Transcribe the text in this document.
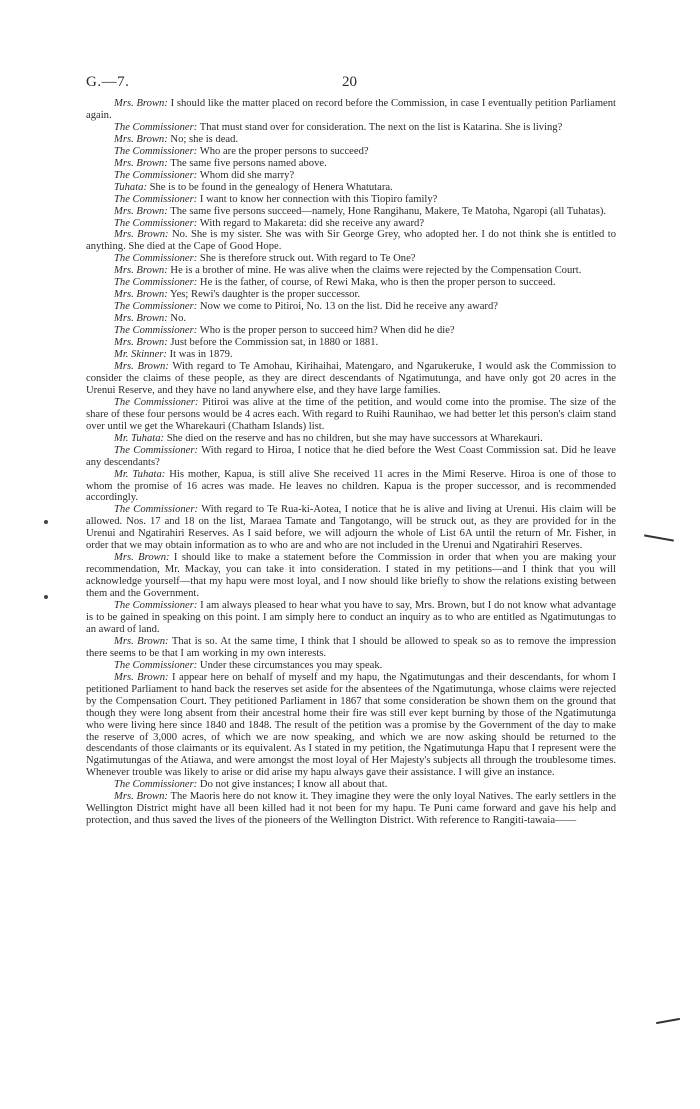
G.—7.	20

Mrs. Brown: I should like the matter placed on record before the Commission, in case I eventually petition Parliament again.

The Commissioner: That must stand over for consideration. The next on the list is Katarina. She is living?

Mrs. Brown: No; she is dead.

The Commissioner: Who are the proper persons to succeed?

Mrs. Brown: The same five persons named above.

The Commissioner: Whom did she marry?

Tuhata: She is to be found in the genealogy of Henera Whatutara.

The Commissioner: I want to know her connection with this Tiopiro family?

Mrs. Brown: The same five persons succeed—namely, Hone Rangihanu, Makere, Te Matoha, Ngaropi (all Tuhatas).

The Commissioner: With regard to Makareta: did she receive any award?

Mrs. Brown: No. She is my sister. She was with Sir George Grey, who adopted her. I do not think she is entitled to anything. She died at the Cape of Good Hope.

The Commissioner: She is therefore struck out. With regard to Te One?

Mrs. Brown: He is a brother of mine. He was alive when the claims were rejected by the Compensation Court.

The Commissioner: He is the father, of course, of Rewi Maka, who is then the proper person to succeed.

Mrs. Brown: Yes; Rewi's daughter is the proper successor.

The Commissioner: Now we come to Pitiroi, No. 13 on the list. Did he receive any award?

Mrs. Brown: No.

The Commissioner: Who is the proper person to succeed him? When did he die?

Mrs. Brown: Just before the Commission sat, in 1880 or 1881.

Mr. Skinner: It was in 1879.

Mrs. Brown: With regard to Te Amohau, Kirihaihai, Matengaro, and Ngarukeruke, I would ask the Commission to consider the claims of these people, as they are direct descendants of Ngatimutunga, and have only got 20 acres in the Urenui Reserve, and they have no land anywhere else, and they have large families.

The Commissioner: Pitiroi was alive at the time of the petition, and would come into the promise. The size of the share of these four persons would be 4 acres each. With regard to Ruihi Raunihao, we had better let this person's claim stand over until we get the Wharekauri (Chatham Islands) list.

Mr. Tuhata: She died on the reserve and has no children, but she may have successors at Wharekauri.

The Commissioner: With regard to Hiroa, I notice that he died before the West Coast Commission sat. Did he leave any descendants?

Mr. Tuhata: His mother, Kapua, is still alive She received 11 acres in the Mimi Reserve. Hiroa is one of those to whom the promise of 16 acres was made. He leaves no children. Kapua is the proper successor, and is recommended accordingly.

The Commissioner: With regard to Te Rua-ki-Aotea, I notice that he is alive and living at Urenui. His claim will be allowed. Nos. 17 and 18 on the list, Maraea Tamate and Tangotango, will be struck out, as they are provided for in the Urenui and Ngatirahiri Reserves. As I said before, we will adjourn the whole of List 6A until the return of Mr. Fisher, in order that we may obtain information as to who are and who are not included in the Urenui and Ngatirahiri Reserves.

Mrs. Brown: I should like to make a statement before the Commission in order that when you are making your recommendation, Mr. Mackay, you can take it into consideration. I stated in my petitions—and I think that you will acknowledge yourself—that my hapu were most loyal, and I now should like briefly to show the relations existing between them and the Government.

The Commissioner: I am always pleased to hear what you have to say, Mrs. Brown, but I do not know what advantage is to be gained in speaking on this point. I am simply here to conduct an inquiry as to who are entitled as Ngatimutungas to an award of land.

Mrs. Brown: That is so. At the same time, I think that I should be allowed to speak so as to remove the impression there seems to be that I am working in my own interests.

The Commissioner: Under these circumstances you may speak.

Mrs. Brown: I appear here on behalf of myself and my hapu, the Ngatimutungas and their descendants, for whom I petitioned Parliament to hand back the reserves set aside for the absentees of the Ngatimutunga, whose claims were rejected by the Compensation Court. They petitioned Parliament in 1867 that some consideration be shown them on the ground that though they were long absent from their ancestral home their fire was still ever kept burning by those of the Ngatimutunga who were living here since 1840 and 1848. The result of the petition was a promise by the Government of the day to make the reserve of 3,000 acres, of which we are now speaking, and which we are now asking should be returned to the descendants of those claimants or its equivalent. As I stated in my petition, the Ngatimutunga Hapu that I represent were the Ngatimutungas of the Atiawa, and were amongst the most loyal of Her Majesty's subjects all through the troublesome times. Whenever trouble was likely to arise or did arise my hapu always gave their assistance. I will give an instance.

The Commissioner: Do not give instances; I know all about that.

Mrs. Brown: The Maoris here do not know it. They imagine they were the only loyal Natives. The early settlers in the Wellington District might have all been killed had it not been for my hapu. Te Puni came forward and gave his help and protection, and thus saved the lives of the pioneers of the Wellington District. With reference to Rangiti-tawaia——
